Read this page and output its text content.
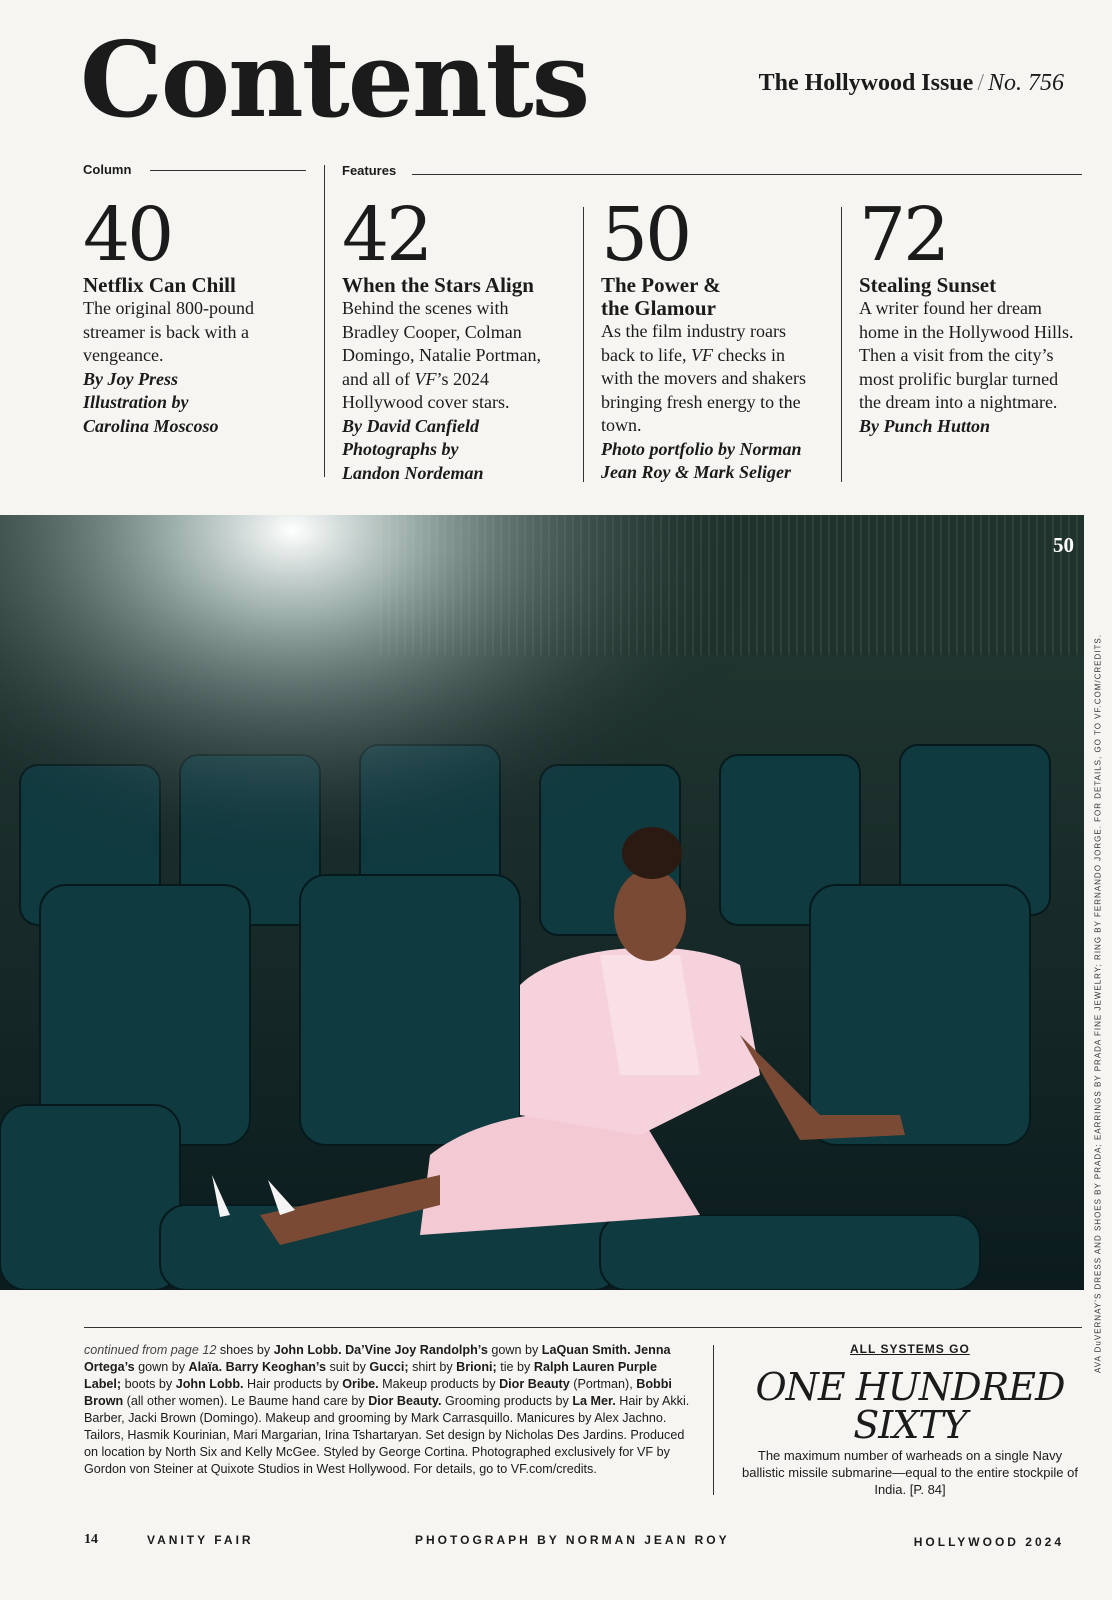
Contents	The Hollywood Issue / No. 756
Column	Features
40
Netflix Can Chill
The original 800-pound streamer is back with a vengeance.
By Joy Press Illustration by Carolina Moscoso
42
When the Stars Align
Behind the scenes with Bradley Cooper, Colman Domingo, Natalie Portman, and all of VF’s 2024 Hollywood cover stars.
By David Canfield Photographs by Landon Nordeman
50
The Power & the Glamour
As the film industry roars back to life, VF checks in with the movers and shakers bringing fresh energy to the town.
Photo portfolio by Norman Jean Roy & Mark Seliger
72
Stealing Sunset
A writer found her dream home in the Hollywood Hills. Then a visit from the city’s most prolific burglar turned the dream into a nightmare.
By Punch Hutton
50
AVA DuVERNAY’S DRESS AND SHOES BY PRADA; EARRINGS BY PRADA FINE JEWELRY; RING BY FERNANDO JORGE. FOR DETAILS, GO TO VF.COM/CREDITS.
continued from page 12 shoes by John Lobb. Da’Vine Joy Randolph’s gown by LaQuan Smith. Jenna Ortega’s gown by Alaïa. Barry Keoghan’s suit by Gucci; shirt by Brioni; tie by Ralph Lauren Purple Label; boots by John Lobb. Hair products by Oribe. Makeup products by Dior Beauty (Portman), Bobbi Brown (all other women). Le Baume hand care by Dior Beauty. Grooming products by La Mer. Hair by Akki. Barber, Jacki Brown (Domingo). Makeup and grooming by Mark Carrasquillo. Manicures by Alex Jachno. Tailors, Hasmik Kourinian, Mari Margarian, Irina Tshartaryan. Set design by Nicholas Des Jardins. Produced on location by North Six and Kelly McGee. Styled by George Cortina. Photographed exclusively for VF by Gordon von Steiner at Quixote Studios in West Hollywood. For details, go to VF.com/credits.
ALL SYSTEMS GO
ONE HUNDRED SIXTY
The maximum number of warheads on a single Navy ballistic missile submarine—equal to the entire stockpile of India. [P. 84]
14	VANITY FAIR	PHOTOGRAPH BY NORMAN JEAN ROY	HOLLYWOOD 2024
